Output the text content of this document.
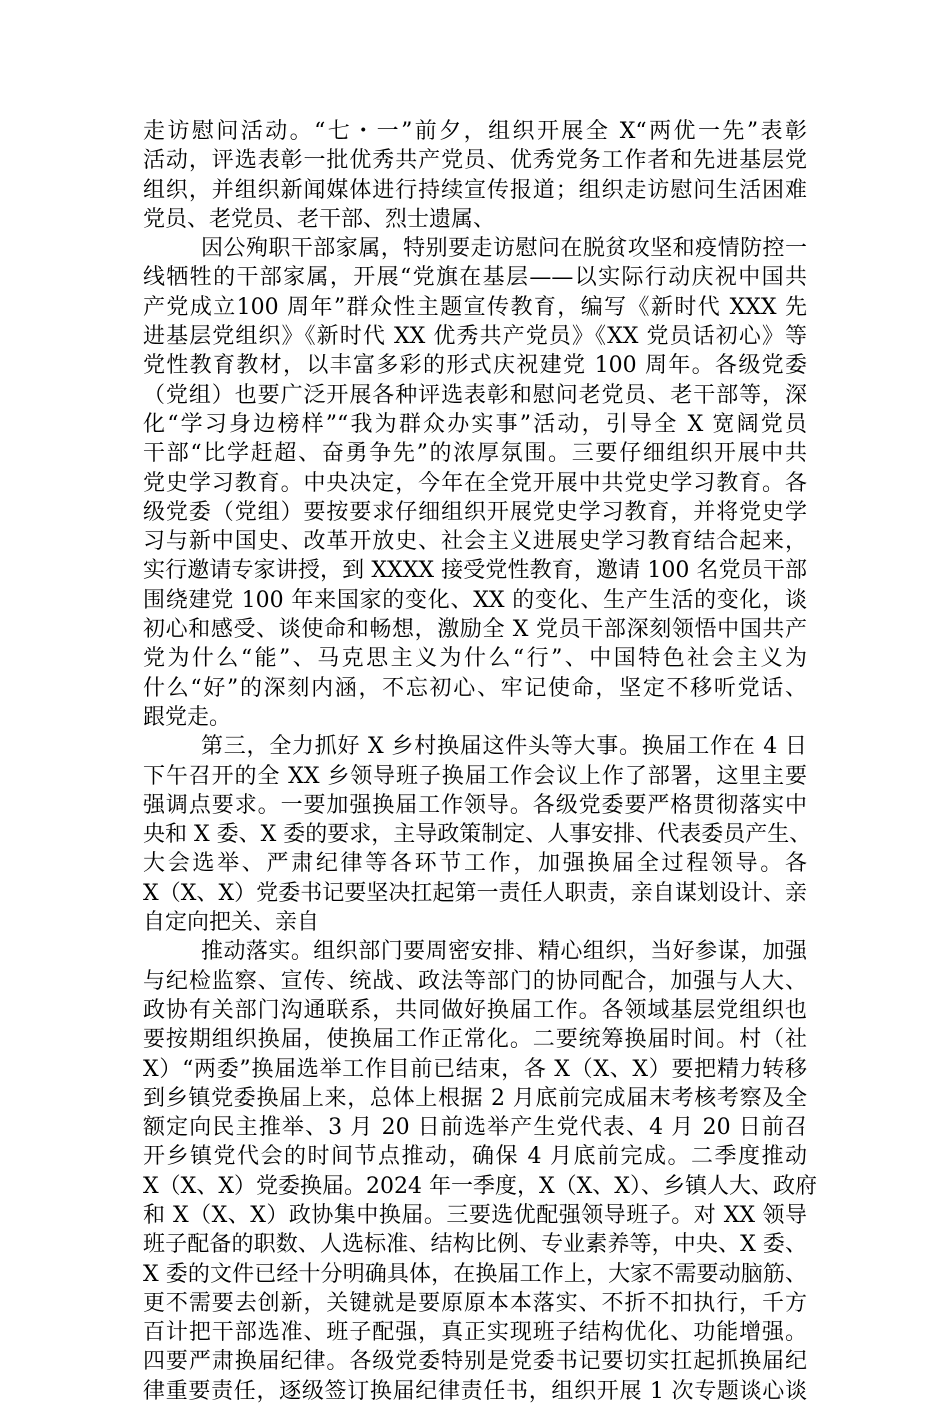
走访慰问活动。“七・一”前夕，组织开展全 X“两优一先”表彰
活动，评选表彰一批优秀共产党员、优秀党务工作者和先进基层党
组织，并组织新闻媒体进行持续宣传报道；组织走访慰问生活困难
党员、老党员、老干部、烈士遗属、
因公殉职干部家属，特别要走访慰问在脱贫攻坚和疫情防控一
线牺牲的干部家属，开展“党旗在基层——以实际行动庆祝中国共
产党成立100 周年”群众性主题宣传教育，编写《新时代 XXX 先
进基层党组织》《新时代 XX 优秀共产党员》《XX 党员话初心》等
党性教育教材，以丰富多彩的形式庆祝建党 100 周年。各级党委
（党组）也要广泛开展各种评选表彰和慰问老党员、老干部等，深
化“学习身边榜样”“我为群众办实事”活动，引导全 X 宽阔党员
干部“比学赶超、奋勇争先”的浓厚氛围。三要仔细组织开展中共
党史学习教育。中央决定，今年在全党开展中共党史学习教育。各
级党委（党组）要按要求仔细组织开展党史学习教育，并将党史学
习与新中国史、改革开放史、社会主义进展史学习教育结合起来，
实行邀请专家讲授，到 XXXX 接受党性教育，邀请 100 名党员干部
围绕建党 100 年来国家的变化、XX 的变化、生产生活的变化，谈
初心和感受、谈使命和畅想，激励全 X 党员干部深刻领悟中国共产
党为什么“能”、马克思主义为什么“行”、中国特色社会主义为
什么“好”的深刻内涵，不忘初心、牢记使命，坚定不移听党话、
跟党走。
第三，全力抓好 X 乡村换届这件头等大事。换届工作在 4 日
下午召开的全 XX 乡领导班子换届工作会议上作了部署，这里主要
强调点要求。一要加强换届工作领导。各级党委要严格贯彻落实中
央和 X 委、X 委的要求，主导政策制定、人事安排、代表委员产生、
大会选举、严肃纪律等各环节工作，加强换届全过程领导。各
X（X、X）党委书记要坚决扛起第一责任人职责，亲自谋划设计、亲
自定向把关、亲自
推动落实。组织部门要周密安排、精心组织，当好参谋，加强
与纪检监察、宣传、统战、政法等部门的协同配合，加强与人大、
政协有关部门沟通联系，共同做好换届工作。各领域基层党组织也
要按期组织换届，使换届工作正常化。二要统筹换届时间。村（社
X）“两委”换届选举工作目前已结束，各 X（X、X）要把精力转移
到乡镇党委换届上来，总体上根据 2 月底前完成届末考核考察及全
额定向民主推举、3 月 20 日前选举产生党代表、4 月 20 日前召
开乡镇党代会的时间节点推动，确保 4 月底前完成。二季度推动
X（X、X）党委换届。2024 年一季度，X（X、X）、乡镇人大、政府
和 X（X、X）政协集中换届。三要选优配强领导班子。对 XX 领导
班子配备的职数、人选标准、结构比例、专业素养等，中央、X 委、
X 委的文件已经十分明确具体，在换届工作上，大家不需要动脑筋、
更不需要去创新，关键就是要原原本本落实、不折不扣执行，千方
百计把干部选准、班子配强，真正实现班子结构优化、功能增强。
四要严肃换届纪律。各级党委特别是党委书记要切实扛起抓换届纪
律重要责任，逐级签订换届纪律责任书，组织开展 1 次专题谈心谈
